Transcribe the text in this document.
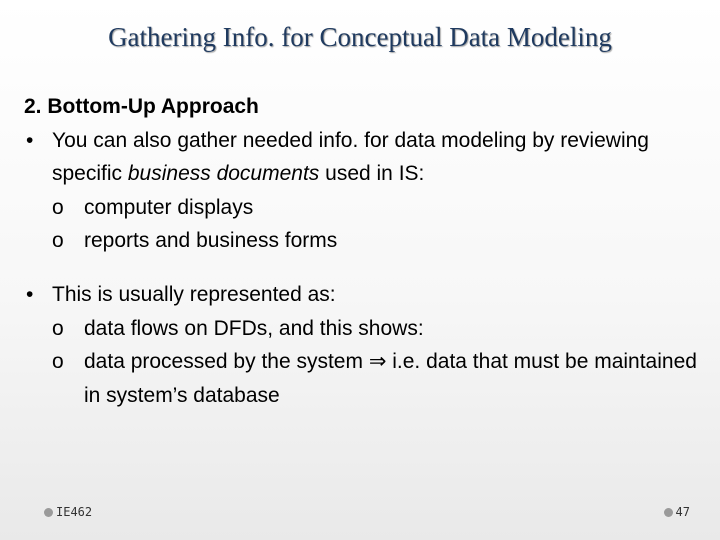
Gathering Info. for Conceptual Data Modeling
2. Bottom-Up Approach
• You can also gather needed info. for data modeling by reviewing specific business documents used in IS:
o computer displays
o reports and business forms
• This is usually represented as:
o data flows on DFDs, and this shows:
o data processed by the system ⇒ i.e. data that must be maintained in system’s database
IE462	47
